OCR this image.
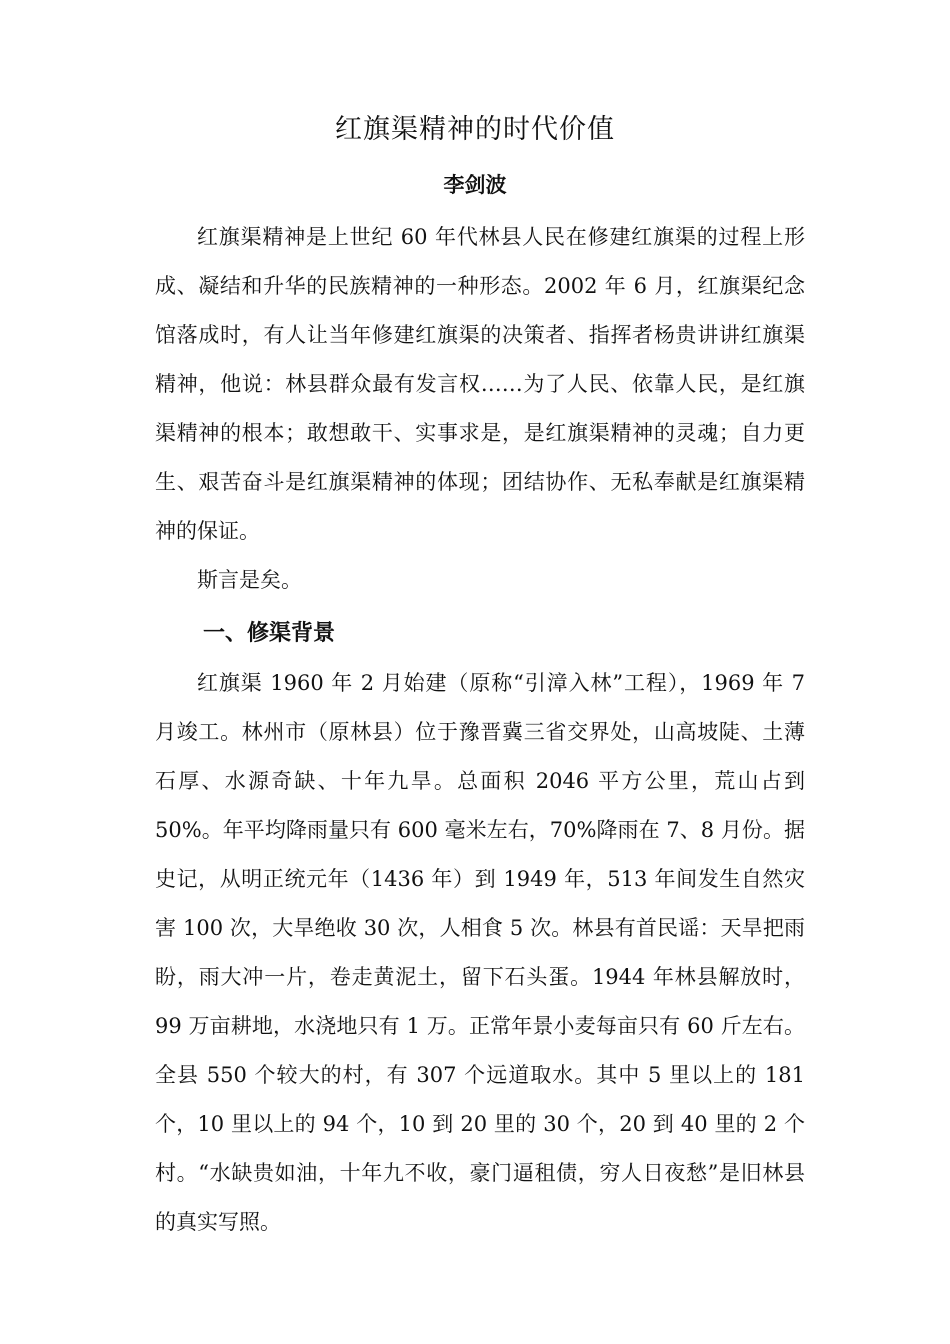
红旗渠精神的时代价值
李剑波

红旗渠精神是上世纪 60 年代林县人民在修建红旗渠的过程上形成、凝结和升华的民族精神的一种形态。2002 年 6 月，红旗渠纪念馆落成时，有人让当年修建红旗渠的决策者、指挥者杨贵讲讲红旗渠精神，他说：林县群众最有发言权……为了人民、依靠人民，是红旗渠精神的根本；敢想敢干、实事求是，是红旗渠精神的灵魂；自力更生、艰苦奋斗是红旗渠精神的体现；团结协作、无私奉献是红旗渠精神的保证。

斯言是矣。

一、修渠背景

红旗渠 1960 年 2 月始建（原称“引漳入林”工程），1969 年 7 月竣工。林州市（原林县）位于豫晋冀三省交界处，山高坡陡、土薄石厚、水源奇缺、十年九旱。总面积 2046 平方公里，荒山占到 50%。年平均降雨量只有 600 毫米左右，70%降雨在 7、8 月份。据史记，从明正统元年（1436 年）到 1949 年，513 年间发生自然灾害 100 次，大旱绝收 30 次，人相食 5 次。林县有首民谣：天旱把雨盼，雨大冲一片，卷走黄泥土，留下石头蛋。1944 年林县解放时，99 万亩耕地，水浇地只有 1 万。正常年景小麦每亩只有 60 斤左右。全县 550 个较大的村，有 307 个远道取水。其中 5 里以上的 181 个，10 里以上的 94 个，10 到 20 里的 30 个，20 到 40 里的 2 个村。“水缺贵如油，十年九不收，豪门逼租债，穷人日夜愁”是旧林县的真实写照。
